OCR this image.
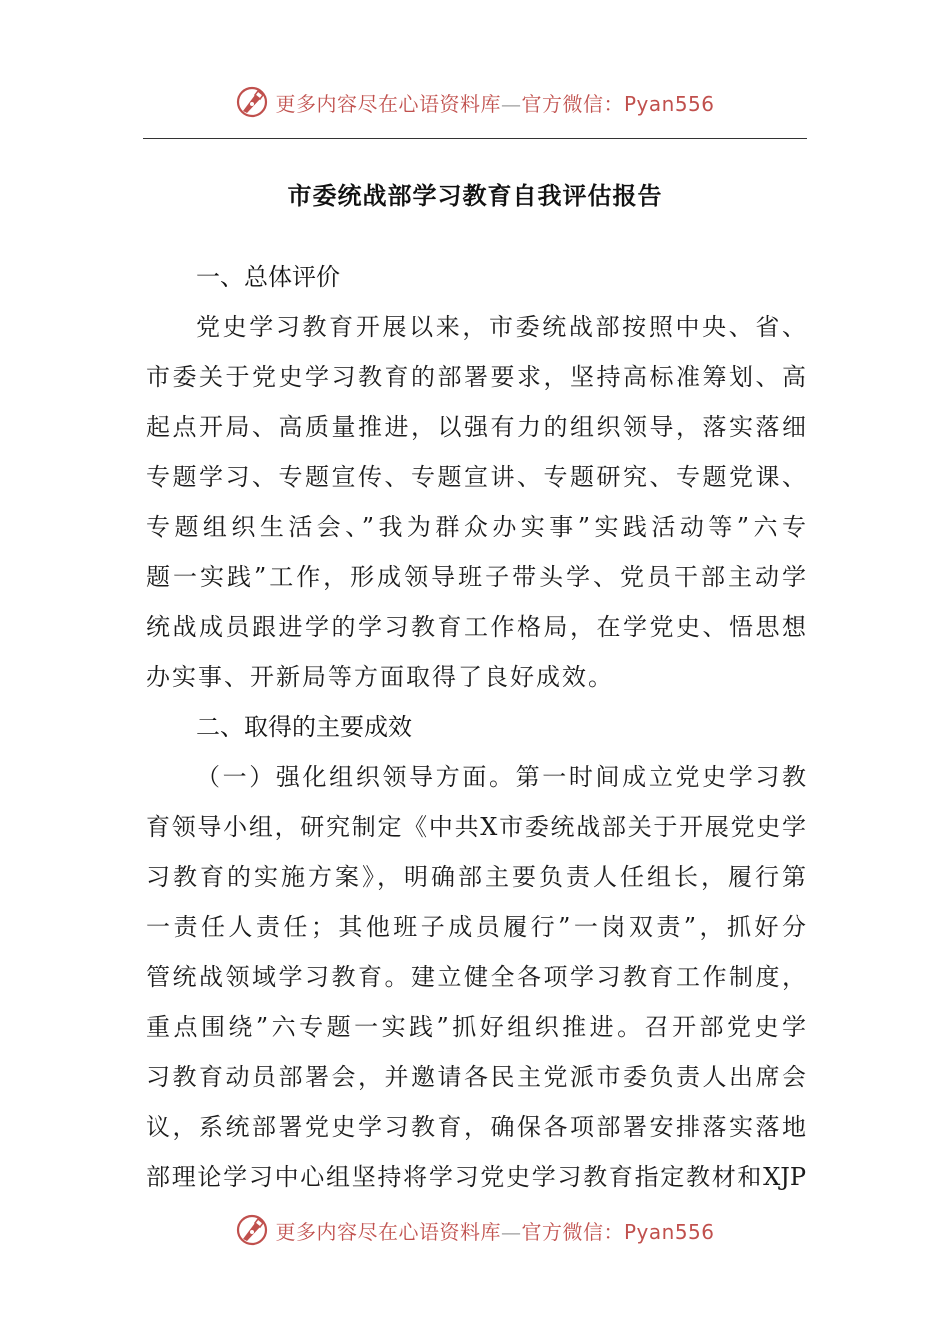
更多内容尽在心语资料库—官方微信：Pyan556
市委统战部学习教育自我评估报告
一、总体评价
党史学习教育开展以来，市委统战部按照中央、省、
市委关于党史学习教育的部署要求，坚持高标准筹划、高
起点开局、高质量推进，以强有力的组织领导，落实落细
专题学习、专题宣传、专题宣讲、专题研究、专题党课、
专题组织生活会、”我为群众办实事”实践活动等”六专
题一实践”工作，形成领导班子带头学、党员干部主动学
统战成员跟进学的学习教育工作格局，在学党史、悟思想
办实事、开新局等方面取得了良好成效。
二、取得的主要成效
（一）强化组织领导方面。第一时间成立党史学习教
育领导小组，研究制定《中共X市委统战部关于开展党史学
习教育的实施方案》，明确部主要负责人任组长，履行第
一责任人责任；其他班子成员履行”一岗双责”，抓好分
管统战领域学习教育。建立健全各项学习教育工作制度，
重点围绕”六专题一实践”抓好组织推进。召开部党史学
习教育动员部署会，并邀请各民主党派市委负责人出席会
议，系统部署党史学习教育，确保各项部署安排落实落地
部理论学习中心组坚持将学习党史学习教育指定教材和XJP
更多内容尽在心语资料库—官方微信：Pyan556
